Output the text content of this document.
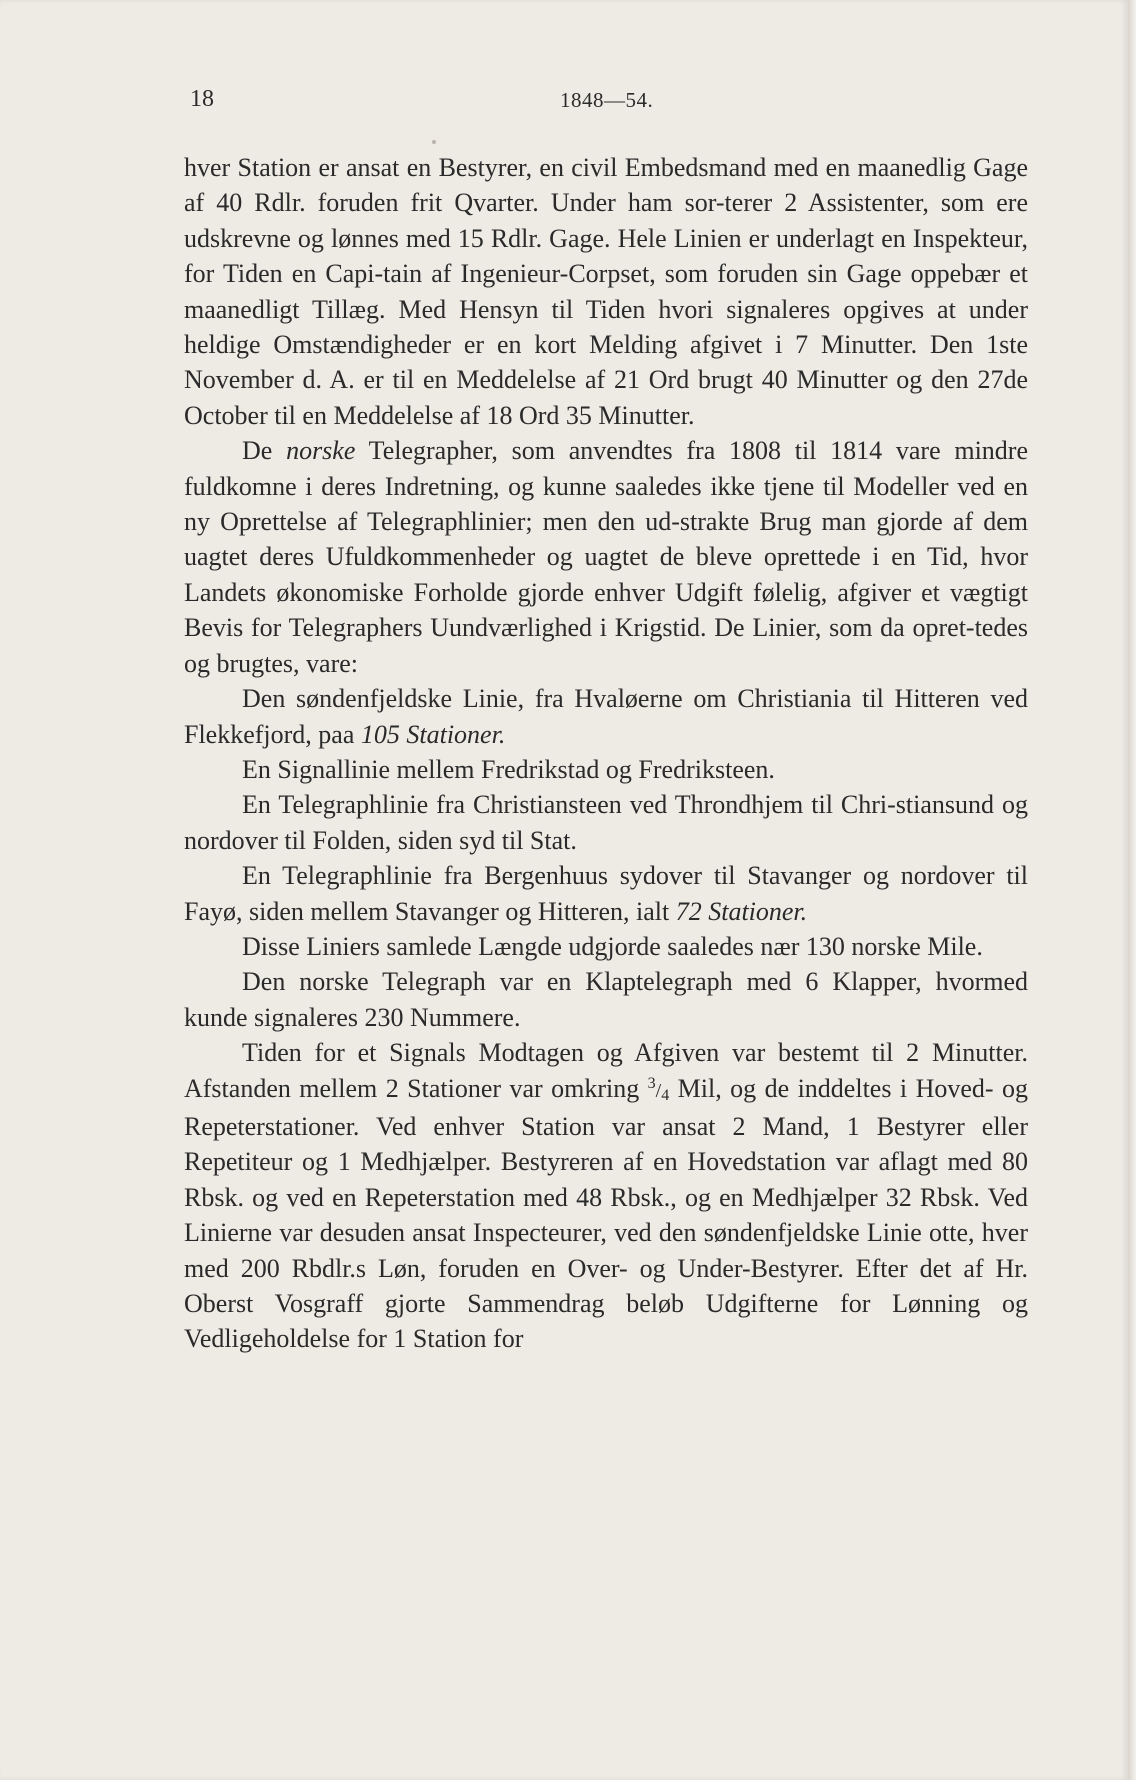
18	1848—54.

hver Station er ansat en Bestyrer, en civil Embedsmand med en maanedlig Gage af 40 Rdlr. foruden frit Qvarter. Under ham sor-terer 2 Assistenter, som ere udskrevne og lønnes med 15 Rdlr. Gage. Hele Linien er underlagt en Inspekteur, for Tiden en Capi-tain af Ingenieur-Corpset, som foruden sin Gage oppebær et maanedligt Tillæg. Med Hensyn til Tiden hvori signaleres opgives at under heldige Omstændigheder er en kort Melding afgivet i 7 Minutter. Den 1ste November d. A. er til en Meddelelse af 21 Ord brugt 40 Minutter og den 27de October til en Meddelelse af 18 Ord 35 Minutter.

De norske Telegrapher, som anvendtes fra 1808 til 1814 vare mindre fuldkomne i deres Indretning, og kunne saaledes ikke tjene til Modeller ved en ny Oprettelse af Telegraphlinier; men den ud-strakte Brug man gjorde af dem uagtet deres Ufuldkommenheder og uagtet de bleve oprettede i en Tid, hvor Landets økonomiske Forholde gjorde enhver Udgift følelig, afgiver et vægtigt Bevis for Telegraphers Uundværlighed i Krigstid. De Linier, som da opret-tedes og brugtes, vare:

Den søndenfjeldske Linie, fra Hvaløerne om Christiania til Hitteren ved Flekkefjord, paa 105 Stationer.

En Signallinie mellem Fredrikstad og Fredriksteen.

En Telegraphlinie fra Christiansteen ved Throndhjem til Chri-stiansund og nordover til Folden, siden syd til Stat.

En Telegraphlinie fra Bergenhuus sydover til Stavanger og nordover til Fayø, siden mellem Stavanger og Hitteren, ialt 72 Stationer.

Disse Liniers samlede Længde udgjorde saaledes nær 130 norske Mile.

Den norske Telegraph var en Klaptelegraph med 6 Klapper, hvormed kunde signaleres 230 Nummere.

Tiden for et Signals Modtagen og Afgiven var bestemt til 2 Minutter. Afstanden mellem 2 Stationer var omkring $^3/_4$ Mil, og de inddeltes i Hoved- og Repeterstationer. Ved enhver Station var ansat 2 Mand, 1 Bestyrer eller Repetiteur og 1 Medhjælper. Bestyreren af en Hovedstation var aflagt med 80 Rbsk. og ved en Repeterstation med 48 Rbsk., og en Medhjælper 32 Rbsk. Ved Linierne var desuden ansat Inspecteurer, ved den søndenfjeldske Linie otte, hver med 200 Rbdlr.s Løn, foruden en Over- og Under-Bestyrer. Efter det af Hr. Oberst Vosgraff gjorte Sammendrag beløb Udgifterne for Lønning og Vedligeholdelse for 1 Station for
